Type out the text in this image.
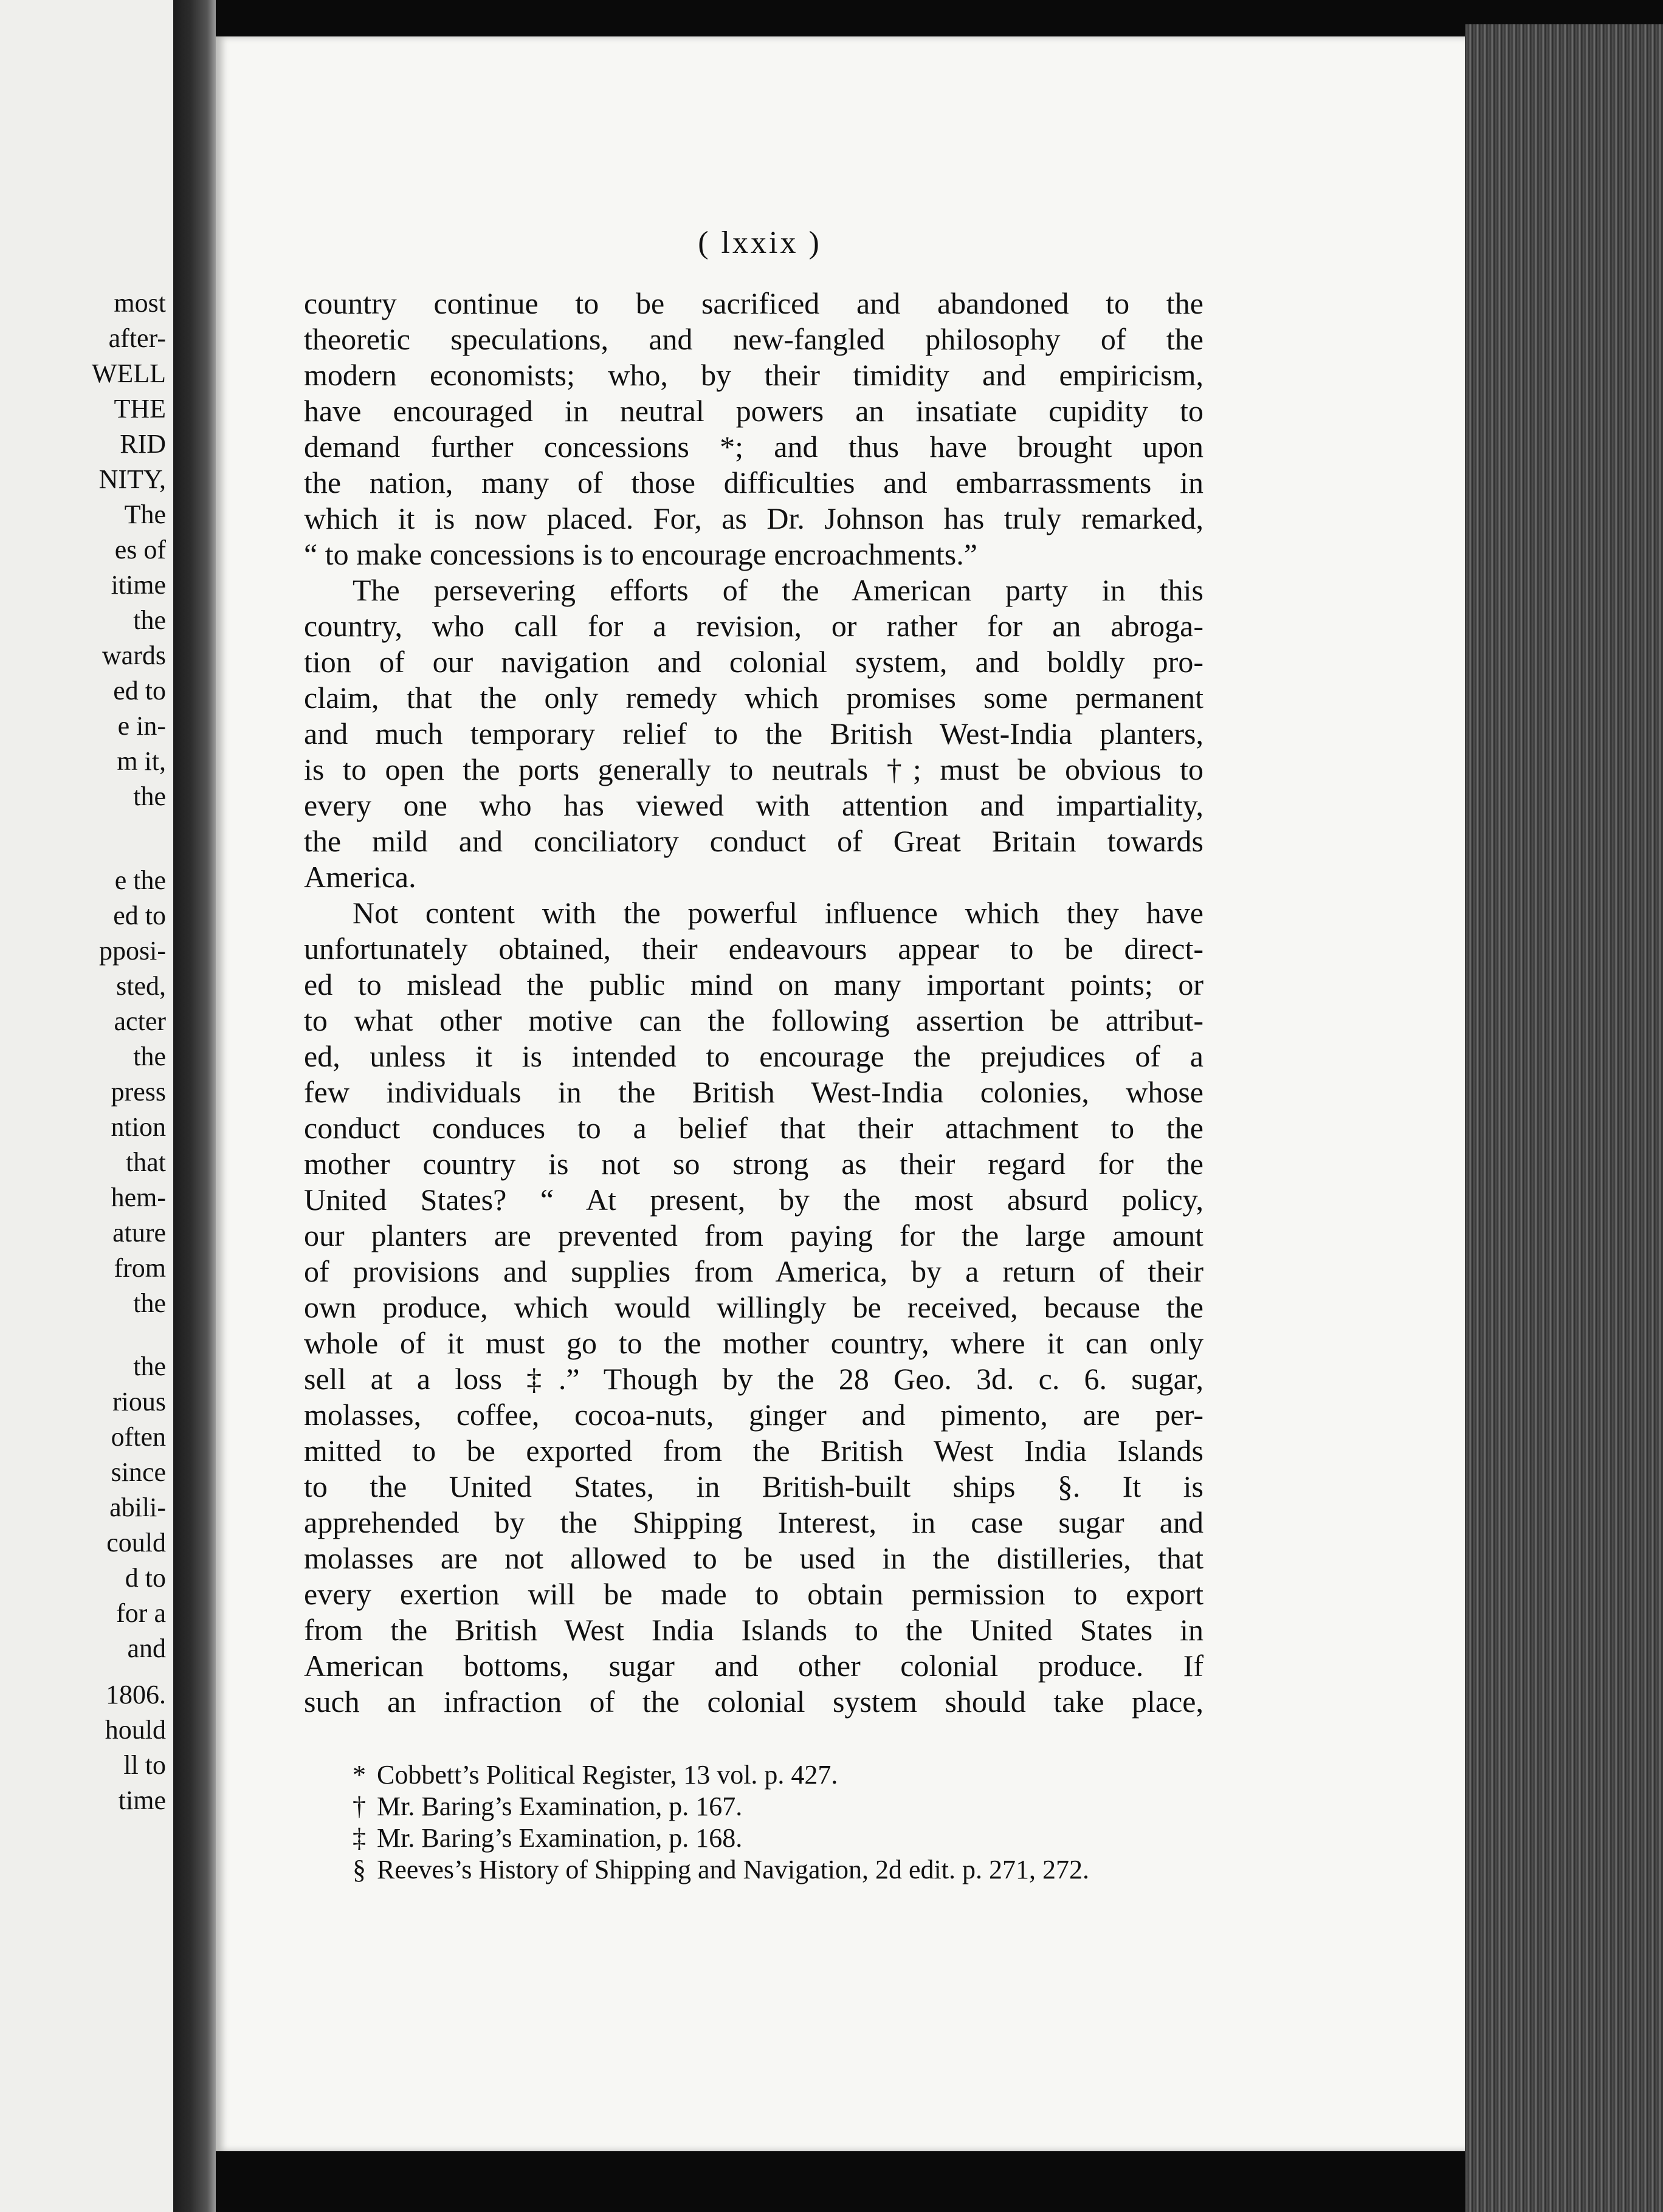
most
after-
WELL
THE
RID
NITY,
The
es of
itime
the
wards
ed to
e in-
m it,
the
e the
ed to
pposi-
sted,
acter
the
press
ntion
that
hem-
ature
from
the
the
rious
often
since
abili-
could
d to
for a
and
1806.
hould
ll to
time
( lxxix )
country continue to be sacrificed and abandoned to the
theoretic speculations, and new-fangled philosophy of the
modern economists; who, by their timidity and empiricism,
have encouraged in neutral powers an insatiate cupidity to
demand further concessions *; and thus have brought upon
the nation, many of those difficulties and embarrassments in
which it is now placed. For, as Dr. Johnson has truly remarked,
“ to make concessions is to encourage encroachments.”
The persevering efforts of the American party in this
country, who call for a revision, or rather for an abroga-
tion of our navigation and colonial system, and boldly pro-
claim, that the only remedy which promises some permanent
and much temporary relief to the British West-India planters,
is to open the ports generally to neutrals †; must be obvious to
every one who has viewed with attention and impartiality,
the mild and conciliatory conduct of Great Britain towards
America.
Not content with the powerful influence which they have
unfortunately obtained, their endeavours appear to be direct-
ed to mislead the public mind on many important points; or
to what other motive can the following assertion be attribut-
ed, unless it is intended to encourage the prejudices of a
few individuals in the British West-India colonies, whose
conduct conduces to a belief that their attachment to the
mother country is not so strong as their regard for the
United States? “ At present, by the most absurd policy,
our planters are prevented from paying for the large amount
of provisions and supplies from America, by a return of their
own produce, which would willingly be received, because the
whole of it must go to the mother country, where it can only
sell at a loss ‡.” Though by the 28 Geo. 3d. c. 6. sugar,
molasses, coffee, cocoa-nuts, ginger and pimento, are per-
mitted to be exported from the British West India Islands
to the United States, in British-built ships §. It is
apprehended by the Shipping Interest, in case sugar and
molasses are not allowed to be used in the distilleries, that
every exertion will be made to obtain permission to export
from the British West India Islands to the United States in
American bottoms, sugar and other colonial produce. If
such an infraction of the colonial system should take place,
* Cobbett’s Political Register, 13 vol. p. 427.
† Mr. Baring’s Examination, p. 167.
‡ Mr. Baring’s Examination, p. 168.
§ Reeves’s History of Shipping and Navigation, 2d edit. p. 271, 272.
